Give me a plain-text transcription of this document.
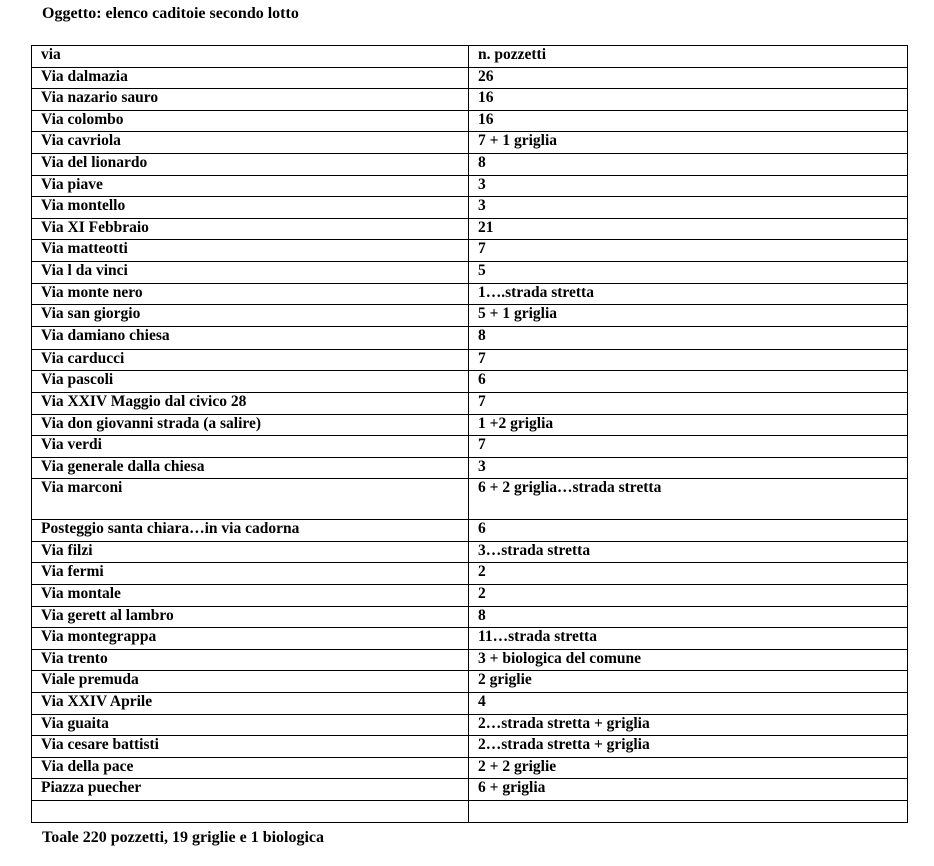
Oggetto: elenco caditoie secondo lotto

via	n. pozzetti
Via dalmazia	26
Via nazario sauro	16
Via colombo	16
Via cavriola	7 + 1 griglia
Via del lionardo	8
Via piave	3
Via montello	3
Via XI Febbraio	21
Via matteotti	7
Via l da vinci	5
Via monte nero	1….strada stretta
Via san giorgio	5 + 1 griglia
Via damiano chiesa	8
Via carducci	7
Via pascoli	6
Via XXIV Maggio dal civico 28	7
Via don giovanni strada (a salire)	1 +2 griglia
Via verdi	7
Via generale dalla chiesa	3
Via marconi	6 + 2 griglia…strada stretta
Posteggio santa chiara…in via cadorna	6
Via filzi	3…strada stretta
Via fermi	2
Via montale	2
Via gerett al lambro	8
Via montegrappa	11…strada stretta
Via trento	3 + biologica del comune
Viale premuda	2 griglie
Via XXIV Aprile	4
Via guaita	2…strada stretta + griglia
Via cesare battisti	2…strada stretta + griglia
Via della pace	2 + 2 griglie
Piazza puecher	6 + griglia

Toale 220 pozzetti, 19 griglie e 1 biologica
